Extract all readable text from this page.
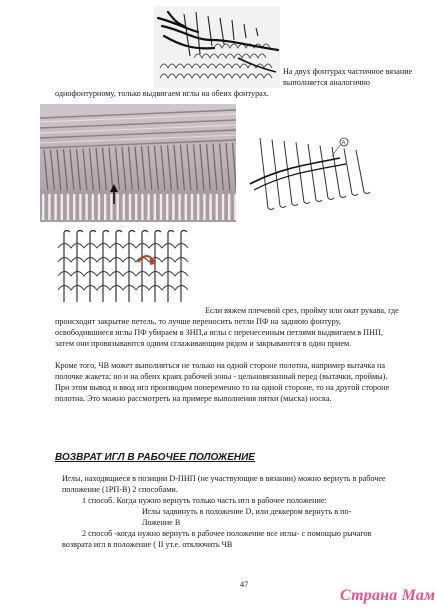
На двух фонтурах частичное вязание
выполняется аналогично
однофонтурному, только выдвигаем иглы на обеих фонтурах.
A
Если вяжем плечевой срез, пройму или окат рукава, где
происходит закрытие петель, то лучше переносить петли ПФ на заднюю фонтуру,
освободившиеся иглы ПФ убираем в ЗНП,а иглы с перенесенным петлями выдвигаем в ПНП,
затем они провязываются одним сглаживающим рядом и закрываются в один прием.
Кроме того, ЧВ может выполняться не только на одной стороне полотна, например вытачка на
полочке жакета; но и на обеих краях рабочей зоны - цельновязанный перед (вытачки, проймы).
При этом вывод и ввод игл производим попеременно то на одной стороне, то на другой стороне
полотна. Это можно рассмотреть на примере выполнения пятки (мыска) носка.
ВОЗВРАТ ИГЛ В РАБОЧЕЕ ПОЛОЖЕНИЕ
Иглы, находящиеся в позиции D-ПНП (не участвующие в вязании) можно вернуть в рабочее
положение (1РП-В) 2 способами.
1 способ. Когда нужно вернуть только часть игл в рабочее положение:
Иглы задвинуть в положение D, или деккером вернуть в по-
Ложение В
2 способ -когда нужно вернуть в рабочее положение все иглы- с помощью рычагов
возврата игл в положение ( II ут.е. отключить ЧВ
47
Страна Мам
